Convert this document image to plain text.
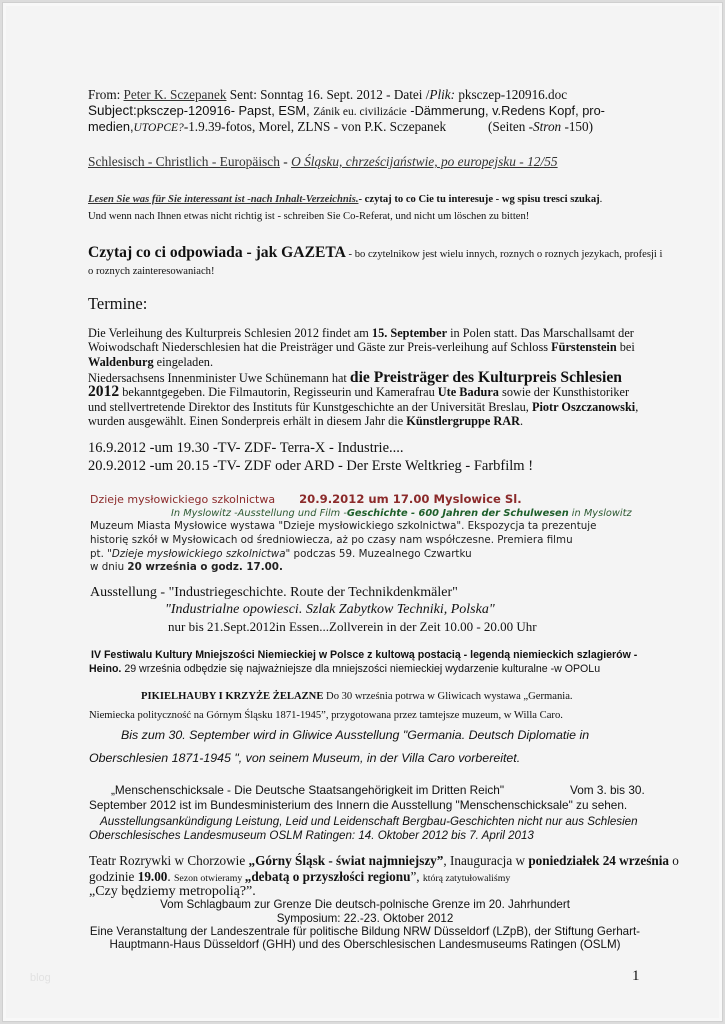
From: Peter K. Sczepanek Sent: Sonntag 16. Sept. 2012 - Datei /Plik: pksczep-120916.doc
Subject:pksczep-120916- Papst, ESM, Zánik eu. civilizácie -Dämmerung, v.Redens Kopf, pro-
medien,UTOPCE?-1.9.39-fotos, Morel, ZLNS - von P.K. Sczepanek	(Seiten -Stron -150)
Schlesisch - Christlich - Europäisch - O Śląsku, chrześcijaństwie, po europejsku - 12/55
Lesen Sie was für Sie interessant ist -nach Inhalt-Verzeichnis.- czytaj to co Cie tu interesuje - wg spisu tresci szukaj.
Und wenn nach Ihnen etwas nicht richtig ist - schreiben Sie Co-Referat, und nicht um löschen zu bitten!
Czytaj co ci odpowiada - jak GAZETA - bo czytelnikow jest wielu innych, roznych o roznych jezykach, profesji i
o roznych zainteresowaniach!
Termine:
Die Verleihung des Kulturpreis Schlesien 2012 findet am 15. September in Polen statt. Das Marschallsamt der Woiwodschaft Niederschlesien hat die Preisträger und Gäste zur Preis-verleihung auf Schloss Fürstenstein bei Waldenburg eingeladen.
Niedersachsens Innenminister Uwe Schünemann hat die Preisträger des Kulturpreis Schlesien 2012 bekanntgegeben. Die Filmautorin, Regisseurin und Kamerafrau Ute Badura sowie der Kunsthistoriker und stellvertretende Direktor des Instituts für Kunstgeschichte an der Universität Breslau, Piotr Oszczanowski, wurden ausgewählt. Einen Sonderpreis erhält in diesem Jahr die Künstlergruppe RAR.
16.9.2012 -um 19.30 -TV- ZDF- Terra-X - Industrie....
20.9.2012 -um 20.15 -TV- ZDF oder ARD - Der Erste Weltkrieg - Farbfilm !
Dzieje mysłowickiego szkolnictwa 20.9.2012 um 17.00 Myslowice Sl.
In Myslowitz -Ausstellung und Film -Geschichte - 600 Jahren der Schulwesen in Myslowitz
Muzeum Miasta Mysłowice wystawa "Dzieje mysłowickiego szkolnictwa". Ekspozycja ta prezentuje
historię szkół w Mysłowicach od średniowiecza, aż po czasy nam współczesne. Premiera filmu
pt. "Dzieje mysłowickiego szkolnictwa" podczas 59. Muzealnego Czwartku
w dniu 20 września o godz. 17.00.
Ausstellung - "Industriegeschichte. Route der Technikdenkmäler"
"Industrialne opowiesci. Szlak Zabytkow Techniki, Polska"
nur bis 21.Sept.2012in Essen...Zollverein in der Zeit 10.00 - 20.00 Uhr
IV Festiwalu Kultury Mniejszości Niemieckiej w Polsce z kultową postacią - legendą niemieckich szlagierów -
Heino. 29 września odbędzie się najważniejsze dla mniejszości niemieckiej wydarzenie kulturalne -w OPOLu
PIKIELHAUBY I KRZYŻE ŻELAZNE Do 30 września potrwa w Gliwicach wystawa „Germania.
Niemiecka polityczność na Górnym Śląsku 1871-1945”, przygotowana przez tamtejsze muzeum, w Willa Caro.
Bis zum 30. September wird in Gliwice Ausstellung "Germania. Deutsch Diplomatie in
Oberschlesien 1871-1945 ", von seinem Museum, in der Villa Caro vorbereitet.
„Menschenschicksale - Die Deutsche Staatsangehörigkeit im Dritten Reich"	Vom 3. bis 30.
September 2012 ist im Bundesministerium des Innern die Ausstellung "Menschenschicksale" zu sehen.
Ausstellungsankündigung Leistung, Leid und Leidenschaft Bergbau-Geschichten nicht nur aus Schlesien
Oberschlesisches Landesmuseum OSLM Ratingen: 14. Oktober 2012 bis 7. April 2013
Teatr Rozrywki w Chorzowie „Górny Śląsk - świat najmniejszy”, Inauguracja w poniedziałek 24 września o
godzinie 19.00. Sezon otwieramy „debatą o przyszłości regionu”, którą zatytułowaliśmy
„Czy będziemy metropolią?”.
Vom Schlagbaum zur Grenze Die deutsch-polnische Grenze im 20. Jahrhundert
Symposium: 22.-23. Oktober 2012
Eine Veranstaltung der Landeszentrale für politische Bildung NRW Düsseldorf (LZpB), der Stiftung Gerhart-
Hauptmann-Haus Düsseldorf (GHH) und des Oberschlesischen Landesmuseums Ratingen (OSLM)
blog	1
